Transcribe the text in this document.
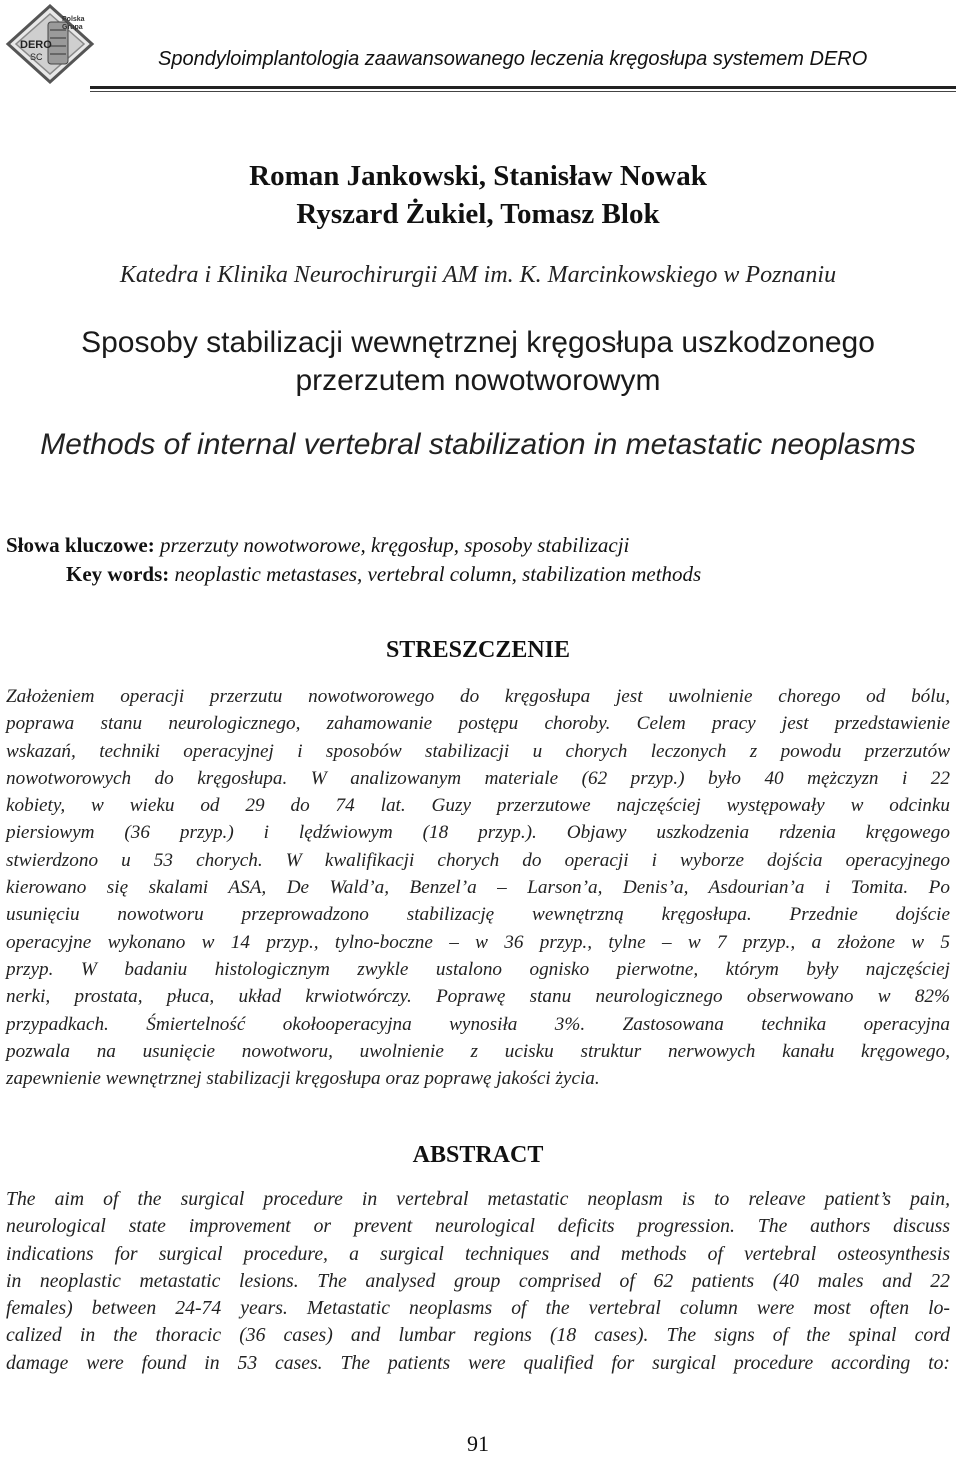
Polska
Grupa
DERO
SC	Spondyloimplantologia zaawansowanego leczenia kręgosłupa systemem DERO
Roman Jankowski, Stanisław Nowak
Ryszard Żukiel, Tomasz Blok
Katedra i Klinika Neurochirurgii AM im. K. Marcinkowskiego w Poznaniu
Sposoby stabilizacji wewnętrznej kręgosłupa uszkodzonego
przerzutem nowotworowym
Methods of internal vertebral stabilization in metastatic neoplasms
Słowa kluczowe: przerzuty nowotworowe, kręgosłup, sposoby stabilizacji
Key words: neoplastic metastases, vertebral column, stabilization methods
STRESZCZENIE
Założeniem operacji przerzutu nowotworowego do kręgosłupa jest uwolnienie chorego od bólu,
poprawa stanu neurologicznego, zahamowanie postępu choroby. Celem pracy jest przedstawienie
wskazań, techniki operacyjnej i sposobów stabilizacji u chorych leczonych z powodu przerzutów
nowotworowych do kręgosłupa. W analizowanym materiale (62 przyp.) było 40 mężczyzn i 22
kobiety, w wieku od 29 do 74 lat. Guzy przerzutowe najczęściej występowały w odcinku
piersiowym (36 przyp.) i lędźwiowym (18 przyp.). Objawy uszkodzenia rdzenia kręgowego
stwierdzono u 53 chorych. W kwalifikacji chorych do operacji i wyborze dojścia operacyjnego
kierowano się skalami ASA, De Wald’a, Benzel’a – Larson’a, Denis’a, Asdourian’a i Tomita. Po
usunięciu nowotworu przeprowadzono stabilizację wewnętrzną kręgosłupa. Przednie dojście
operacyjne wykonano w 14 przyp., tylno-boczne – w 36 przyp., tylne – w 7 przyp., a złożone w 5
przyp. W badaniu histologicznym zwykle ustalono ognisko pierwotne, którym były najczęściej
nerki, prostata, płuca, układ krwiotwórczy. Poprawę stanu neurologicznego obserwowano w 82%
przypadkach. Śmiertelność okołooperacyjna wynosiła 3%. Zastosowana technika operacyjna
pozwala na usunięcie nowotworu, uwolnienie z ucisku struktur nerwowych kanału kręgowego,
zapewnienie wewnętrznej stabilizacji kręgosłupa oraz poprawę jakości życia.
ABSTRACT
The aim of the surgical procedure in vertebral metastatic neoplasm is to releave patient’s pain,
neurological state improvement or prevent neurological deficits progression. The authors discuss
indications for surgical procedure, a surgical techniques and methods of vertebral osteosynthesis
in neoplastic metastatic lesions. The analysed group comprised of 62 patients (40 males and 22
females) between 24-74 years. Metastatic neoplasms of the vertebral column were most often lo-
calized in the thoracic (36 cases) and lumbar regions (18 cases). The signs of the spinal cord
damage were found in 53 cases. The patients were qualified for surgical procedure according to:
91
